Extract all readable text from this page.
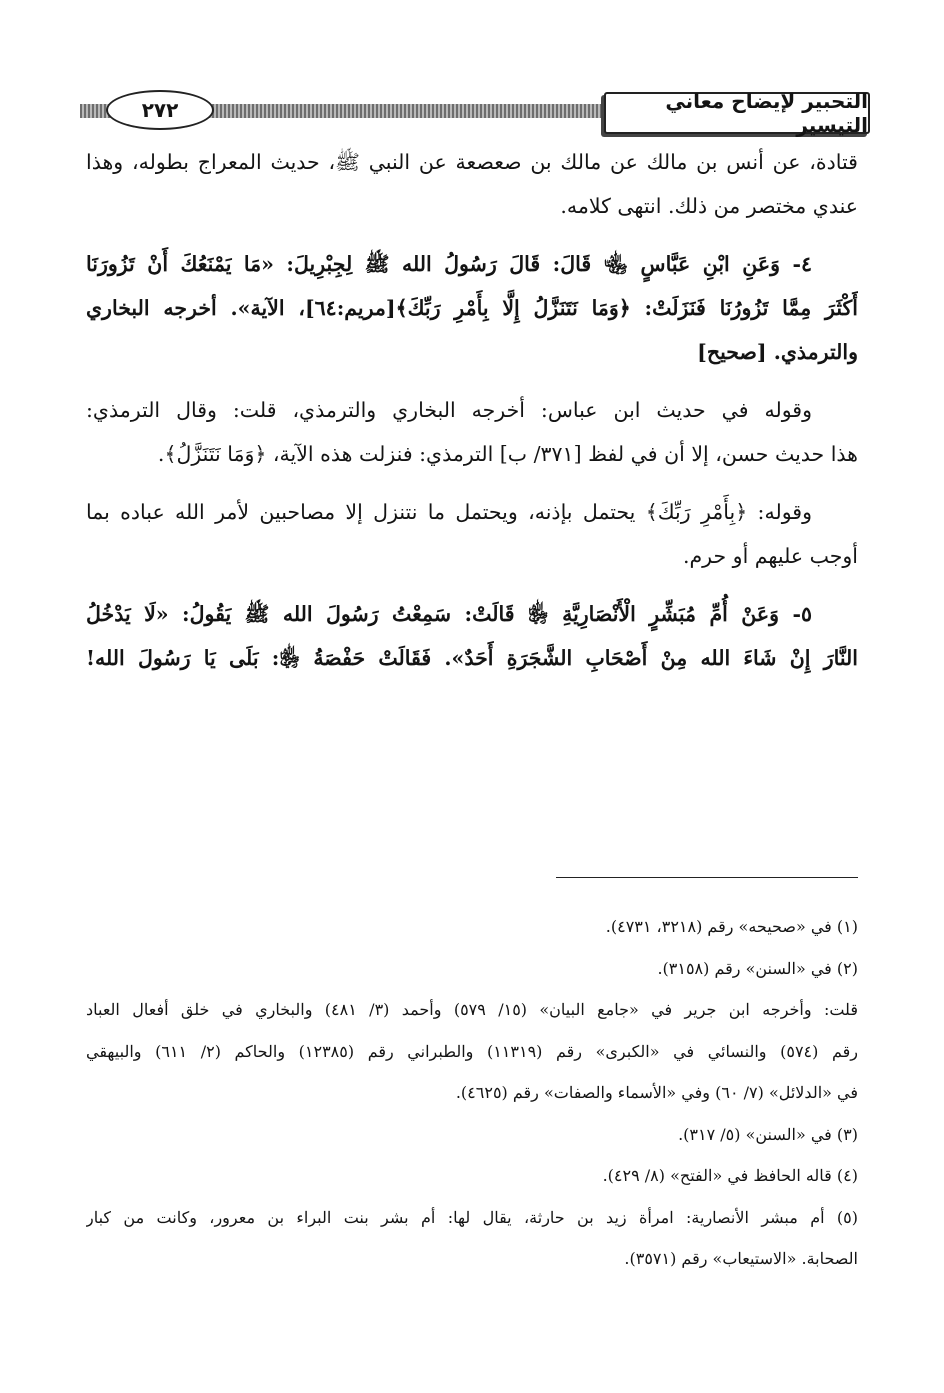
التحبير لإيضاح معاني التيسير
٢٧٢
قتادة، عن أنس بن مالك عن مالك بن صعصعة عن النبي ﷺ، حديث المعراج بطوله، وهذا
عندي مختصر من ذلك. انتهى كلامه.
٤- وَعَنِ ابْنِ عَبَّاسٍ ﵄ قَالَ: قَالَ رَسُولُ الله ﷺ لِجِبْرِيلَ: «مَا يَمْنَعُكَ أَنْ تَزُورَنَا
أَكْثَرَ مِمَّا تَزُورُنَا فَنَزَلَتْ: ﴿وَمَا نَتَنَزَّلُ إِلَّا بِأَمْرِ رَبِّكَ﴾[مريم:٦٤]، الآية». أخرجه البخاري
والترمذي. [صحيح]
وقوله في حديث ابن عباس: أخرجه البخاري والترمذي، قلت: وقال الترمذي:
هذا حديث حسن، إلا أن في لفظ [٣٧١/ ب] الترمذي: فنزلت هذه الآية، ﴿وَمَا نَتَنَزَّلُ﴾.
وقوله: ﴿بِأَمْرِ رَبِّكَ﴾ يحتمل بإذنه، ويحتمل ما نتنزل إلا مصاحبين لأمر الله عباده بما
أوجب عليهم أو حرم.
٥- وَعَنْ أُمِّ مُبَشِّرٍ الْأَنْصَارِيَّةِ ﵂ قَالَتْ: سَمِعْتُ رَسُولَ الله ﷺ يَقُولُ: «لَا يَدْخُلُ
النَّارَ إِنْ شَاءَ الله مِنْ أَصْحَابِ الشَّجَرَةِ أَحَدٌ». فَقَالَتْ حَفْصَةُ ﵂: بَلَى يَا رَسُولَ الله!
(١) في «صحيحه» رقم (٣٢١٨، ٤٧٣١).
(٢) في «السنن» رقم (٣١٥٨).
قلت: وأخرجه ابن جرير في «جامع البيان» (١٥/ ٥٧٩) وأحمد (٣/ ٤٨١) والبخاري في خلق أفعال العباد
رقم (٥٧٤) والنسائي في «الكبرى» رقم (١١٣١٩) والطبراني رقم (١٢٣٨٥) والحاكم (٢/ ٦١١) والبيهقي
في «الدلائل» (٧/ ٦٠) وفي «الأسماء والصفات» رقم (٤٦٢٥).
(٣) في «السنن» (٥/ ٣١٧).
(٤) قاله الحافظ في «الفتح» (٨/ ٤٢٩).
(٥) أم مبشر الأنصارية: امرأة زيد بن حارثة، يقال لها: أم بشر بنت البراء بن معرور، وكانت من كبار
الصحابة. «الاستيعاب» رقم (٣٥٧١).
